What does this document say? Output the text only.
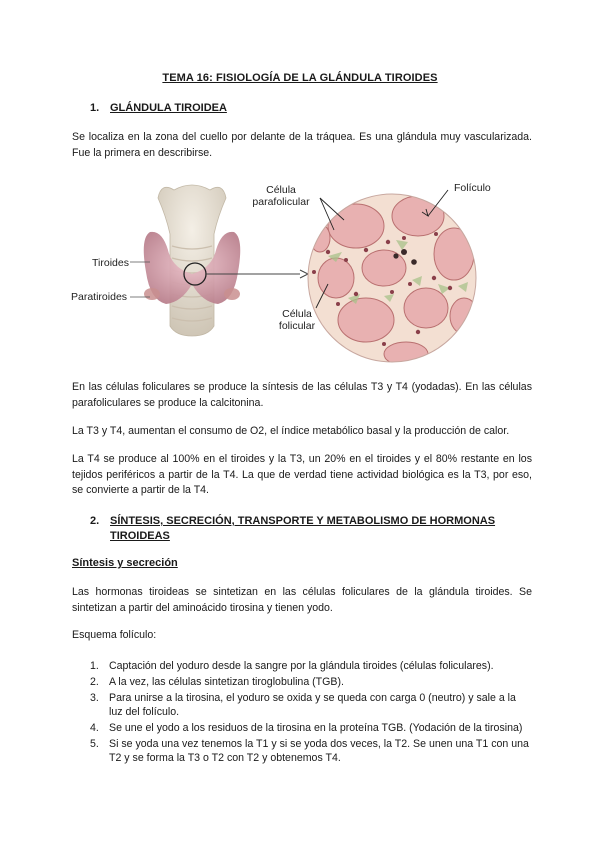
TEMA 16: FISIOLOGÍA DE LA GLÁNDULA TIROIDES
1. GLÁNDULA TIROIDEA

Se localiza en la zona del cuello por delante de la tráquea. Es una glándula muy vascularizada. Fue la primera en describirse.

Tiroides
Paratiroides
Célula
parafolicular
Folículo
Célula
folicular

En las células foliculares se produce la síntesis de las células T3 y T4 (yodadas). En las células parafoliculares se produce la calcitonina.

La T3 y T4, aumentan el consumo de O2, el índice metabólico basal y la producción de calor.

La T4 se produce al 100% en el tiroides y la T3, un 20% en el tiroides y el 80% restante en los tejidos periféricos a partir de la T4. La que de verdad tiene actividad biológica es la T3, por eso, se convierte a partir de la T4.

2. SÍNTESIS, SECRECIÓN, TRANSPORTE Y METABOLISMO DE HORMONAS
TIROIDEAS
Síntesis y secreción

Las hormonas tiroideas se sintetizan en las células foliculares de la glándula tiroides. Se sintetizan a partir del aminoácido tirosina y tienen yodo.

Esquema folículo:

1. Captación del yoduro desde la sangre por la glándula tiroides (células foliculares).
2. A la vez, las células sintetizan tiroglobulina (TGB).
3. Para unirse a la tirosina, el yoduro se oxida y se queda con carga 0 (neutro) y sale a la luz del folículo.
4. Se une el yodo a los residuos de la tirosina en la proteína TGB. (Yodación de la tirosina)
5. Si se yoda una vez tenemos la T1 y si se yoda dos veces, la T2. Se unen una T1 con una T2 y se forma la T3 o T2 con T2 y obtenemos T4.
